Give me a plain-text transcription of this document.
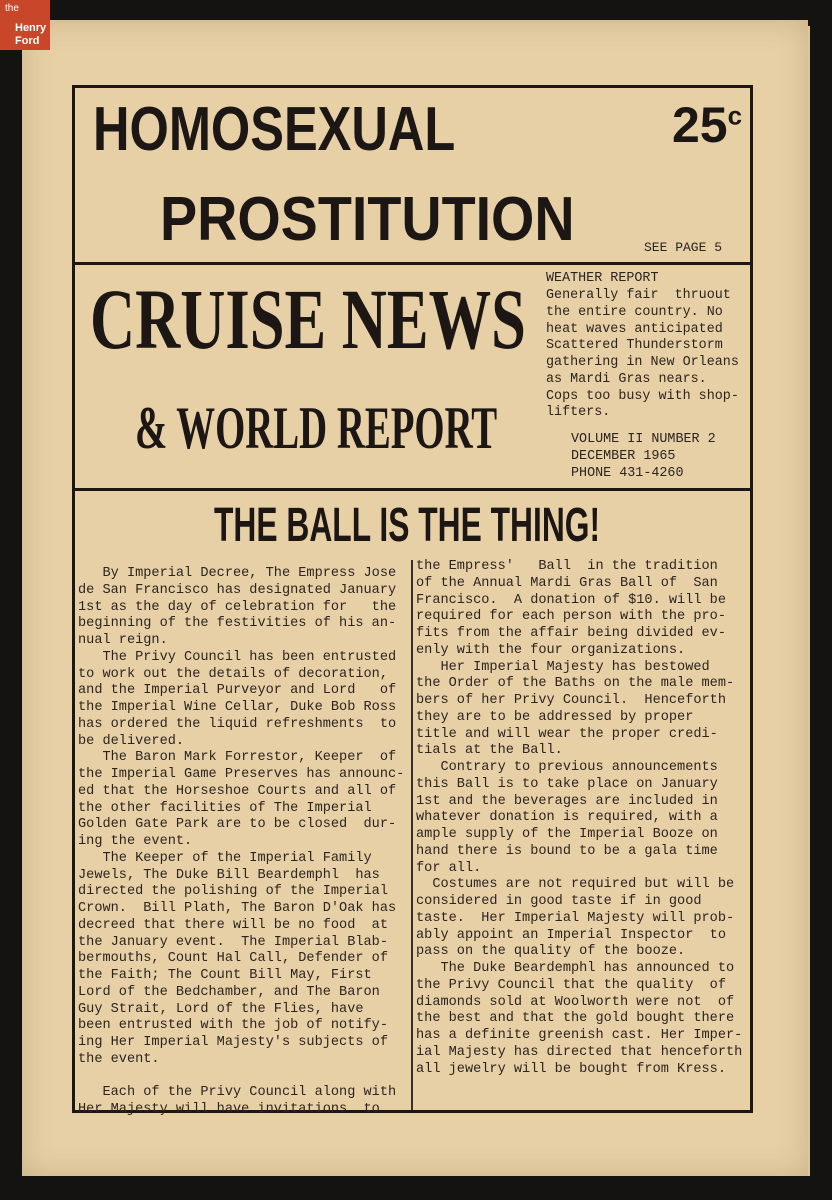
the
Henry
Ford
HOMOSEXUAL
PROSTITUTION
25$^c$
SEE PAGE 5
CRUISE NEWS
& WORLD REPORT
WEATHER REPORT
Generally fair  thruout
the entire country. No
heat waves anticipated
Scattered Thunderstorm
gathering in New Orleans
as Mardi Gras nears.
Cops too busy with shop-
lifters.
VOLUME II NUMBER 2
DECEMBER 1965
PHONE 431-4260
THE BALL IS THE THING!
By Imperial Decree, The Empress Jose
de San Francisco has designated January
1st as the day of celebration for   the
beginning of the festivities of his an-
nual reign.
The Privy Council has been entrusted
to work out the details of decoration,
and the Imperial Purveyor and Lord   of
the Imperial Wine Cellar, Duke Bob Ross
has ordered the liquid refreshments  to
be delivered.
The Baron Mark Forrestor, Keeper  of
the Imperial Game Preserves has announc-
ed that the Horseshoe Courts and all of
the other facilities of The Imperial
Golden Gate Park are to be closed  dur-
ing the event.
The Keeper of the Imperial Family
Jewels, The Duke Bill Beardemphl  has
directed the polishing of the Imperial
Crown.  Bill Plath, The Baron D'Oak has
decreed that there will be no food  at
the January event.  The Imperial Blab-
bermouths, Count Hal Call, Defender of
the Faith; The Count Bill May, First
Lord of the Bedchamber, and The Baron
Guy Strait, Lord of the Flies, have
been entrusted with the job of notify-
ing Her Imperial Majesty's subjects of
the event.
Each of the Privy Council along with
Her Majesty will have invitations  to
the Empress'   Ball  in the tradition
of the Annual Mardi Gras Ball of  San
Francisco.  A donation of $10. will be
required for each person with the pro-
fits from the affair being divided ev-
enly with the four organizations.
Her Imperial Majesty has bestowed
the Order of the Baths on the male mem-
bers of her Privy Council.  Henceforth
they are to be addressed by proper
title and will wear the proper credi-
tials at the Ball.
Contrary to previous announcements
this Ball is to take place on January
1st and the beverages are included in
whatever donation is required, with a
ample supply of the Imperial Booze on
hand there is bound to be a gala time
for all.
Costumes are not required but will be
considered in good taste if in good
taste.  Her Imperial Majesty will prob-
ably appoint an Imperial Inspector  to
pass on the quality of the booze.
The Duke Beardemphl has announced to
the Privy Council that the quality  of
diamonds sold at Woolworth were not  of
the best and that the gold bought there
has a definite greenish cast. Her Imper-
ial Majesty has directed that henceforth
all jewelry will be bought from Kress.
